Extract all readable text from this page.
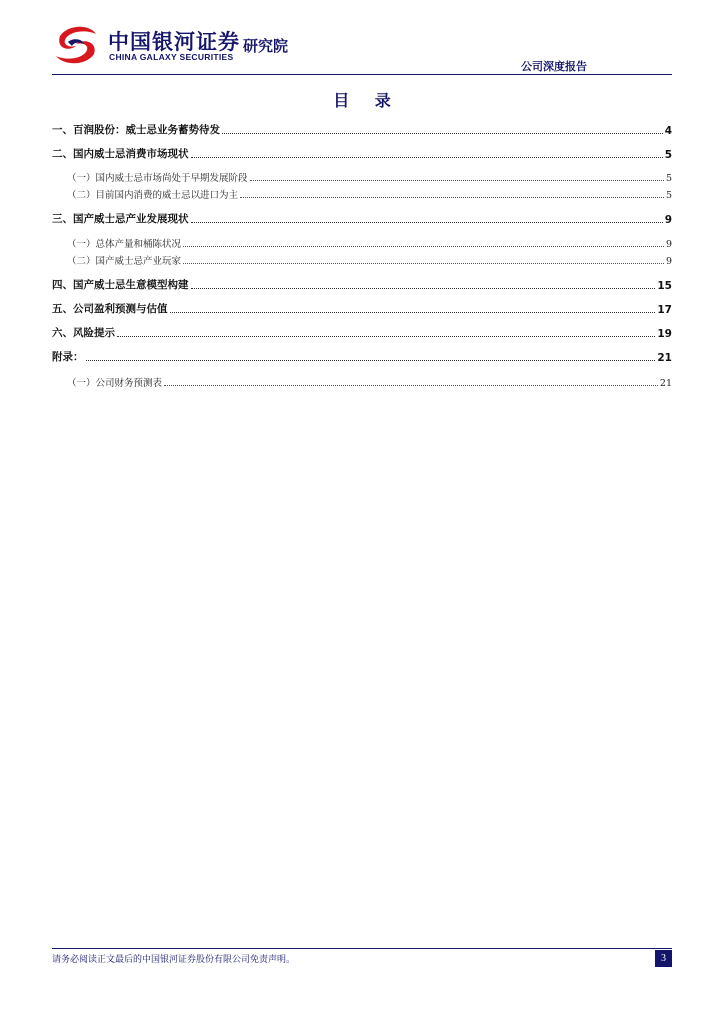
中国银河证券
CHINA GALAXY SECURITIES
研究院
公司深度报告
目 录
一、百润股份：威士忌业务蓄势待发	4
二、国内威士忌消费市场现状	5
（一）国内威士忌市场尚处于早期发展阶段	5
（二）目前国内消费的威士忌以进口为主	5
三、国产威士忌产业发展现状	9
（一）总体产量和桶陈状况	9
（二）国产威士忌产业玩家	9
四、国产威士忌生意模型构建	15
五、公司盈利预测与估值	17
六、风险提示	19
附录：	21
（一）公司财务预测表	21
请务必阅读正文最后的中国银河证券股份有限公司免责声明。	3
